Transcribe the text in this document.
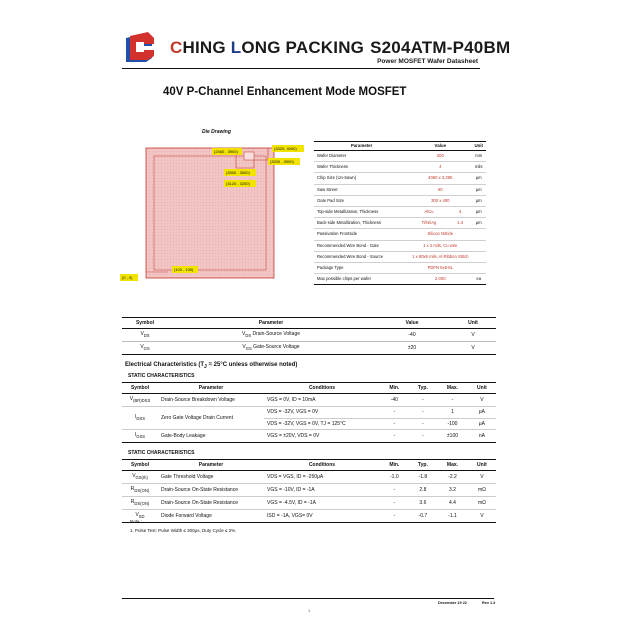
CHING LONG PACKING S204ATM-P40BM
Power MOSFET Wafer Datasheet
40V P-Channel Enhancement Mode MOSFET
Die Drawing
(2460 , 3900)
(3320, 4000)
(3200 , 3900)
(2800 , 3500)
(3120 , 3200)
(100 , 100)
(0 , 0)
Parameter	Value		Unit
Wafer Diameter	200		mm
Wafer Thickness	4		mils
Chip Size (Un-Sawn)	4060 x 3,380		μm
Saw Street	60		μm
Gate Pad Size	300 x 400		μm
Top-side Metallization, Thickness	AlCu	4	μm
Back-side Metallization, Thickness	Ti/Ni/Ag	1.4	μm
Passivation Frontside	Silicon Nitride		
Recommended Wire Bond - Gate	1 x 2 mils, Cu wire		
Recommended Wire Bond - Source	1 x 80x6 mils, Al Ribbon Stitch		
Package Type	PDFN 5x6-8L		
Max possible chips per wafer	2,000		ea
Symbol	Parameter	Value	Unit
$V_{DS}$	$V_{DS}$ Drain-Source Voltage	-40	V
$V_{GS}$	$V_{GS}$ Gate-Source Voltage	±20	V
Electrical Characteristics ($T_J = 25^\circ C$ unless otherwise noted)
STATIC CHARACTERISTICS
Symbol	Parameter	Conditions	Min.	Typ.	Max.	Unit
$V_{(BR)DSS}$	Drain-Source Breakdown Voltage	VGS = 0V, ID = 10mA	-40	-	-	V
$I_{DSS}$	Zero Gate Voltage Drain Current	VDS = -32V, VGS = 0V	-	-	1	μA
		VDS = -32V, VGS = 0V, TJ = 125°C	-	-	-100	μA
$I_{GSS}$	Gate-Body Leakage	VGS = ±20V, VDS = 0V	-	-	±100	nA
STATIC CHARACTERISTICS
Symbol	Parameter	Conditions	Min.	Typ.	Max.	Unit
$V_{GS(th)}$	Gate Threshold Voltage	VDS = VGS, ID = -250μA	-1.0	-1.8	-2.2	V
$R_{DS(ON)}$	Drain-Source On-State Resistance	VGS = -10V, ID = -1A	-	2.8	3.2	mΩ
$R_{DS(ON)}$	Drain-Source On-State Resistance	VGS = -4.5V, ID = -1A	-	3.6	4.4	mΩ
$V_{SD}$	Diode Forward Voltage	ISD = -1A, VGS= 0V	-	-0.7	-1.1	V
Note :
1. Pulse Test: Pulse Width ≤ 300μs, Duty Cycle ≤ 2%.
December 19 22	Rev 1.3
1
